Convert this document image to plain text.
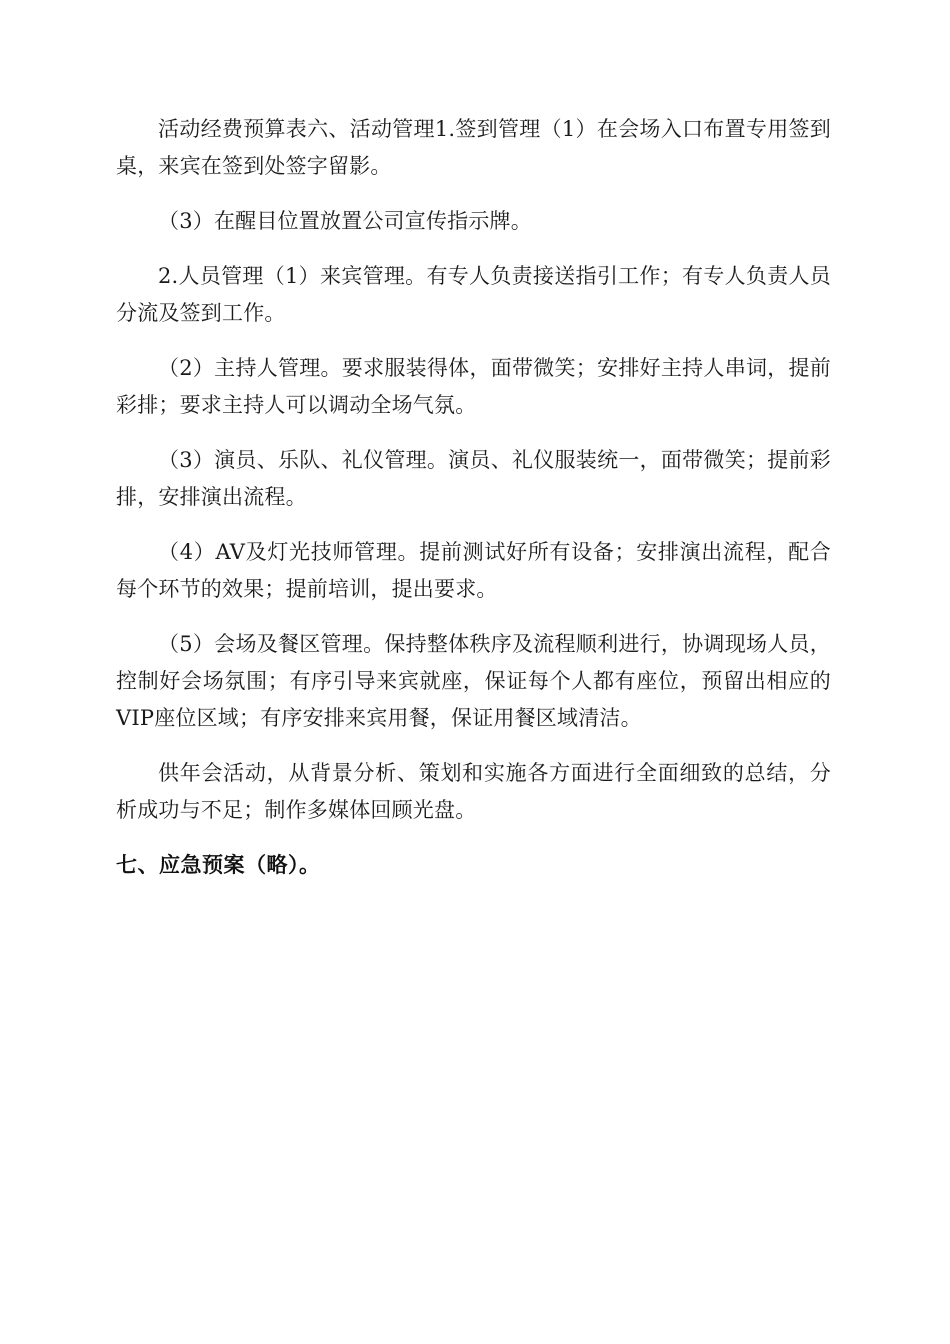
活动经费预算表六、活动管理1.签到管理（1）在会场入口布置专用签到桌，来宾在签到处签字留影。

（3）在醒目位置放置公司宣传指示牌。

2.人员管理（1）来宾管理。有专人负责接送指引工作；有专人负责人员分流及签到工作。

（2）主持人管理。要求服装得体，面带微笑；安排好主持人串词，提前彩排；要求主持人可以调动全场气氛。

（3）演员、乐队、礼仪管理。演员、礼仪服装统一，面带微笑；提前彩排，安排演出流程。

（4）AV及灯光技师管理。提前测试好所有设备；安排演出流程，配合每个环节的效果；提前培训，提出要求。

（5）会场及餐区管理。保持整体秩序及流程顺利进行，协调现场人员，控制好会场氛围；有序引导来宾就座，保证每个人都有座位，预留出相应的VIP座位区域；有序安排来宾用餐，保证用餐区域清洁。

供年会活动，从背景分析、策划和实施各方面进行全面细致的总结，分析成功与不足；制作多媒体回顾光盘。

七、应急预案（略）。
